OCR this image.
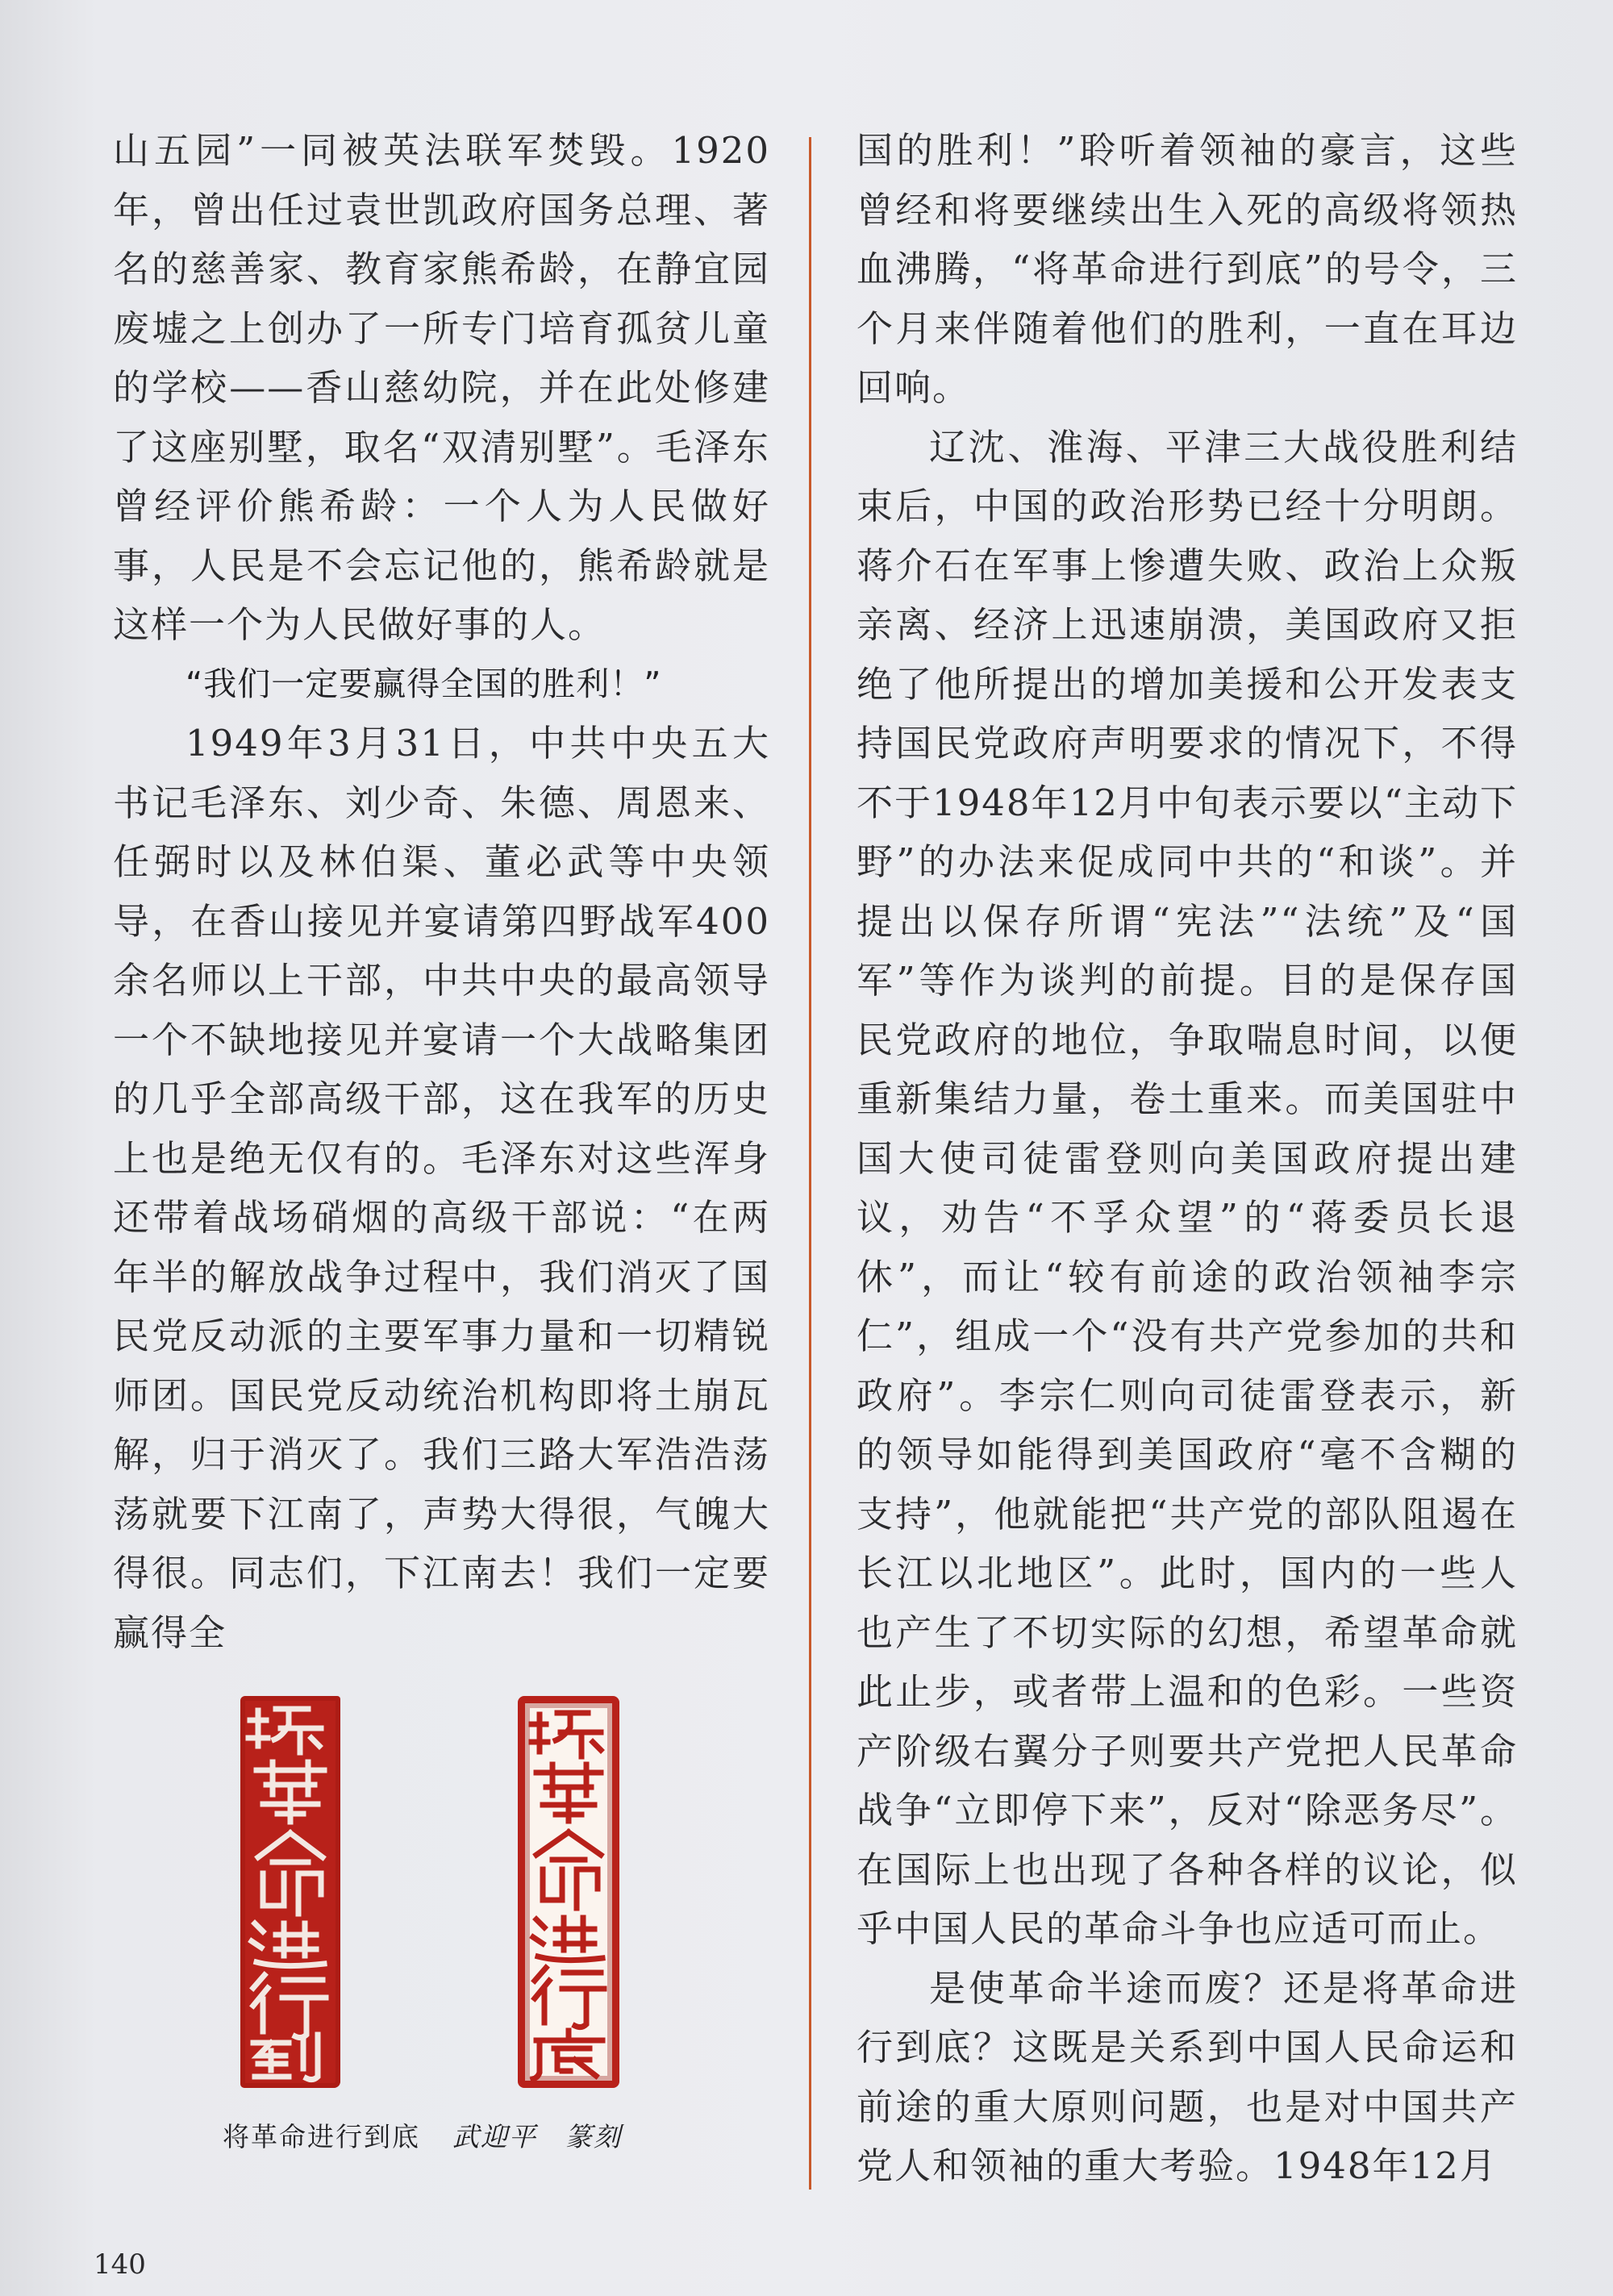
山五园”一同被英法联军焚毁。1920年，曾出任过袁世凯政府国务总理、著名的慈善家、教育家熊希龄，在静宜园废墟之上创办了一所专门培育孤贫儿童的学校——香山慈幼院，并在此处修建了这座别墅，取名“双清别墅”。毛泽东曾经评价熊希龄：一个人为人民做好事，人民是不会忘记他的，熊希龄就是这样一个为人民做好事的人。

“我们一定要赢得全国的胜利！”

1949年3月31日，中共中央五大书记毛泽东、刘少奇、朱德、周恩来、任弼时以及林伯渠、董必武等中央领导，在香山接见并宴请第四野战军400余名师以上干部，中共中央的最高领导一个不缺地接见并宴请一个大战略集团的几乎全部高级干部，这在我军的历史上也是绝无仅有的。毛泽东对这些浑身还带着战场硝烟的高级干部说：“在两年半的解放战争过程中，我们消灭了国民党反动派的主要军事力量和一切精锐师团。国民党反动统治机构即将土崩瓦解，归于消灭了。我们三路大军浩浩荡荡就要下江南了，声势大得很，气魄大得很。同志们，下江南去！我们一定要赢得全

国的胜利！”聆听着领袖的豪言，这些曾经和将要继续出生入死的高级将领热血沸腾，“将革命进行到底”的号令，三个月来伴随着他们的胜利，一直在耳边回响。

辽沈、淮海、平津三大战役胜利结束后，中国的政治形势已经十分明朗。蒋介石在军事上惨遭失败、政治上众叛亲离、经济上迅速崩溃，美国政府又拒绝了他所提出的增加美援和公开发表支持国民党政府声明要求的情况下，不得不于1948年12月中旬表示要以“主动下野”的办法来促成同中共的“和谈”。并提出以保存所谓“宪法”“法统”及“国军”等作为谈判的前提。目的是保存国民党政府的地位，争取喘息时间，以便重新集结力量，卷土重来。而美国驻中国大使司徒雷登则向美国政府提出建议，劝告“不孚众望”的“蒋委员长退休”，而让“较有前途的政治领袖李宗仁”，组成一个“没有共产党参加的共和政府”。李宗仁则向司徒雷登表示，新的领导如能得到美国政府“毫不含糊的支持”，他就能把“共产党的部队阻遏在长江以北地区”。此时，国内的一些人也产生了不切实际的幻想，希望革命就此止步，或者带上温和的色彩。一些资产阶级右翼分子则要共产党把人民革命战争“立即停下来”，反对“除恶务尽”。在国际上也出现了各种各样的议论，似乎中国人民的革命斗争也应适可而止。

是使革命半途而废？还是将革命进行到底？这既是关系到中国人民命运和前途的重大原则问题，也是对中国共产党人和领袖的重大考验。1948年12月

将革命进行到底 武迎平　篆刻
140
